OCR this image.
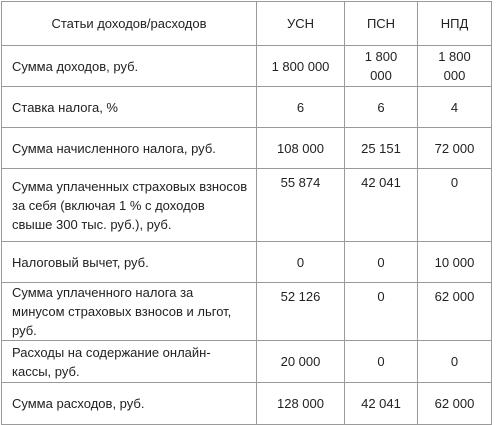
Статьи доходов/расходов	УСН	ПСН	НПД
Сумма доходов, руб.	1 800 000	1 800 000	1 800 000
Ставка налога, %	6	6	4
Сумма начисленного налога, руб.	108 000	25 151	72 000
Сумма уплаченных страховых взносов за себя (включая 1 % с доходов свыше 300 тыс. руб.), руб.	55 874	42 041	0
Налоговый вычет, руб.	0	0	10 000
Сумма уплаченного налога за минусом страховых взносов и льгот, руб.	52 126	0	62 000
Расходы на содержание онлайн-кассы, руб.	20 000	0	0
Сумма расходов, руб.	128 000	42 041	62 000
